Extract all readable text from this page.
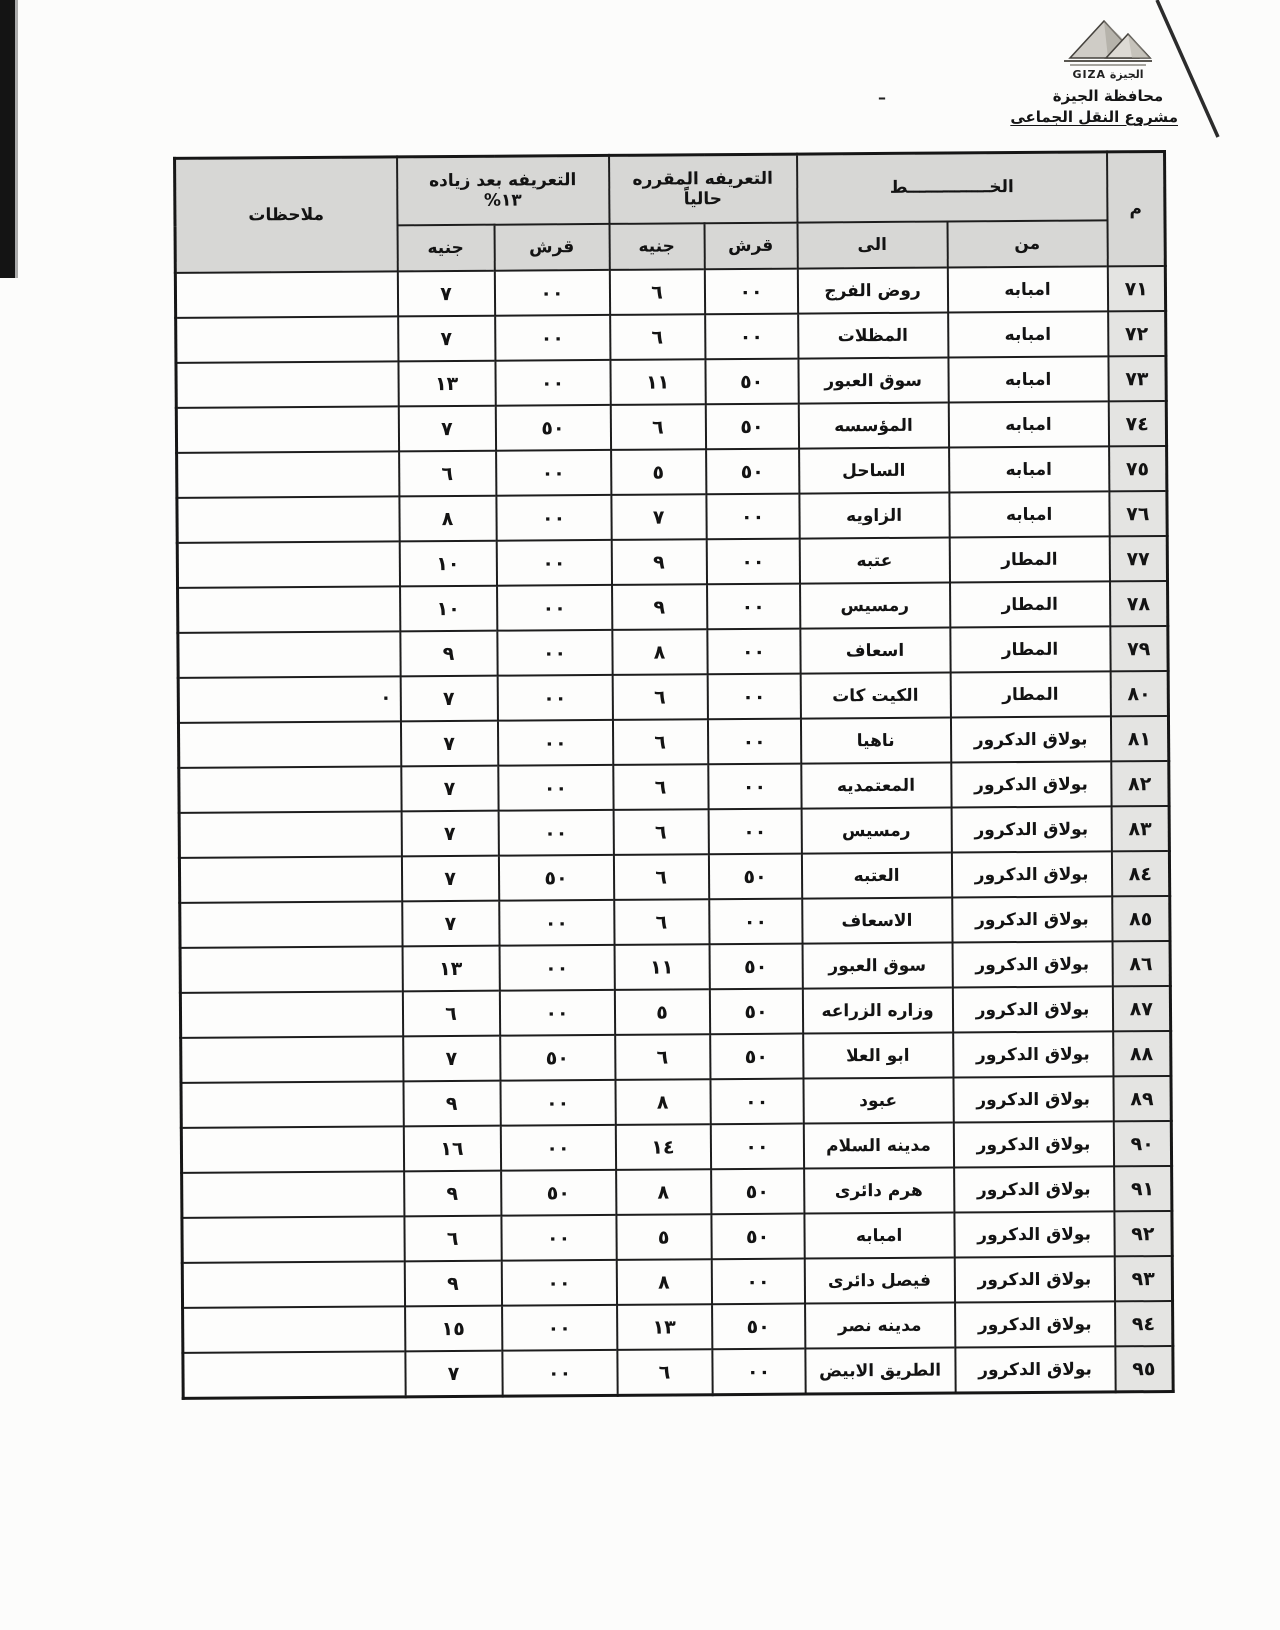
الجيزة GIZA
محافظة الجيزة
مشروع النقل الجماعى
–
م	الخــــــــــــــط	
التعريفه المقرره
حالياً

التعريفه بعد زياده
١٣%
	ملاحظات
	من	الى	قرش	جنيه	قرش	جنيه	
٧١	امبابه	روض الفرج	٠٠	٦	٠٠	٧	
٧٢	امبابه	المظلات	٠٠	٦	٠٠	٧	
٧٣	امبابه	سوق العبور	٥٠	١١	٠٠	١٣	
٧٤	امبابه	المؤسسه	٥٠	٦	٥٠	٧	
٧٥	امبابه	الساحل	٥٠	٥	٠٠	٦	
٧٦	امبابه	الزاويه	٠٠	٧	٠٠	٨	
٧٧	المطار	عتبه	٠٠	٩	٠٠	١٠	
٧٨	المطار	رمسيس	٠٠	٩	٠٠	١٠	
٧٩	المطار	اسعاف	٠٠	٨	٠٠	٩	
٨٠	المطار	الكيت كات	٠٠	٦	٠٠	٧	·
٨١	بولاق الدكرور	ناهيا	٠٠	٦	٠٠	٧	
٨٢	بولاق الدكرور	المعتمديه	٠٠	٦	٠٠	٧	
٨٣	بولاق الدكرور	رمسيس	٠٠	٦	٠٠	٧	
٨٤	بولاق الدكرور	العتبه	٥٠	٦	٥٠	٧	
٨٥	بولاق الدكرور	الاسعاف	٠٠	٦	٠٠	٧	
٨٦	بولاق الدكرور	سوق العبور	٥٠	١١	٠٠	١٣	
٨٧	بولاق الدكرور	وزاره الزراعه	٥٠	٥	٠٠	٦	
٨٨	بولاق الدكرور	ابو العلا	٥٠	٦	٥٠	٧	
٨٩	بولاق الدكرور	عبود	٠٠	٨	٠٠	٩	
٩٠	بولاق الدكرور	مدينه السلام	٠٠	١٤	٠٠	١٦	
٩١	بولاق الدكرور	هرم دائرى	٥٠	٨	٥٠	٩	
٩٢	بولاق الدكرور	امبابه	٥٠	٥	٠٠	٦	
٩٣	بولاق الدكرور	فيصل دائرى	٠٠	٨	٠٠	٩	
٩٤	بولاق الدكرور	مدينه نصر	٥٠	١٣	٠٠	١٥	
٩٥	بولاق الدكرور	الطريق الابيض	٠٠	٦	٠٠	٧	
